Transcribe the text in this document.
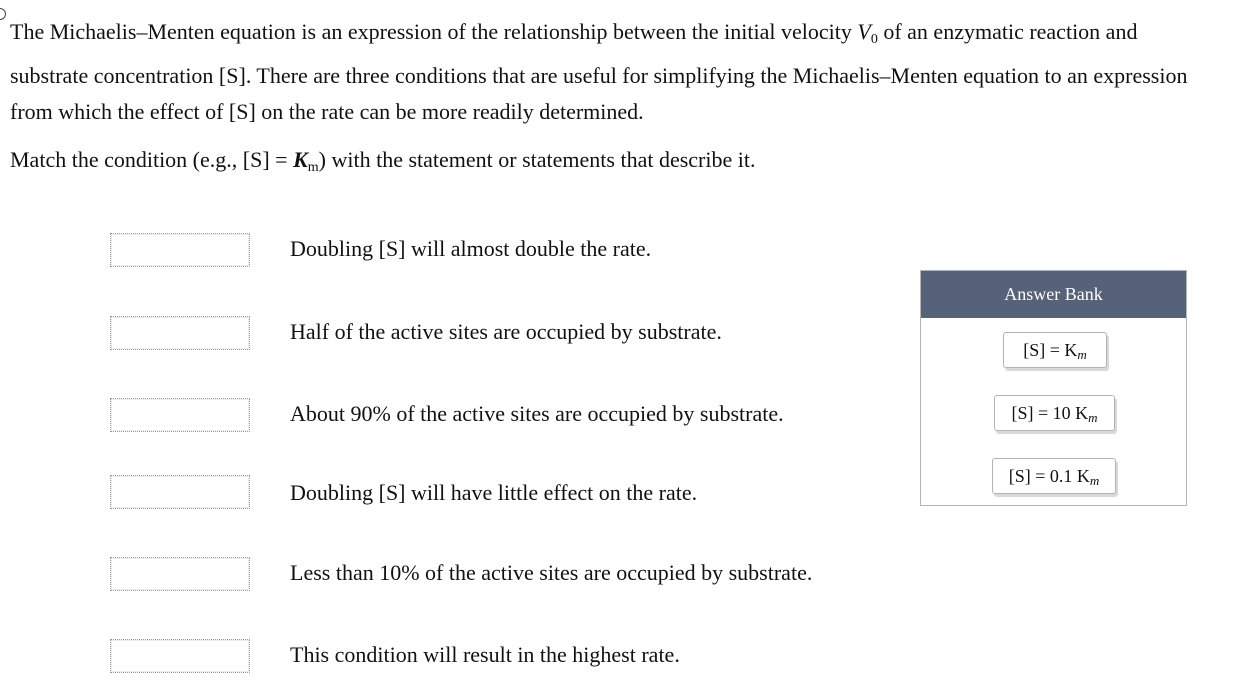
The Michaelis–Menten equation is an expression of the relationship between the initial velocity $V_0$ of an enzymatic reaction and substrate concentration [S]. There are three conditions that are useful for simplifying the Michaelis–Menten equation to an expression from which the effect of [S] on the rate can be more readily determined.

Match the condition (e.g., $[S] = K_m$) with the statement or statements that describe it.

Doubling [S] will almost double the rate.
Half of the active sites are occupied by substrate.
About 90% of the active sites are occupied by substrate.
Doubling [S] will have little effect on the rate.
Less than 10% of the active sites are occupied by substrate.
This condition will result in the highest rate.
Answer Bank
[S] = Km
[S] = 10 Km
[S] = 0.1 Km
